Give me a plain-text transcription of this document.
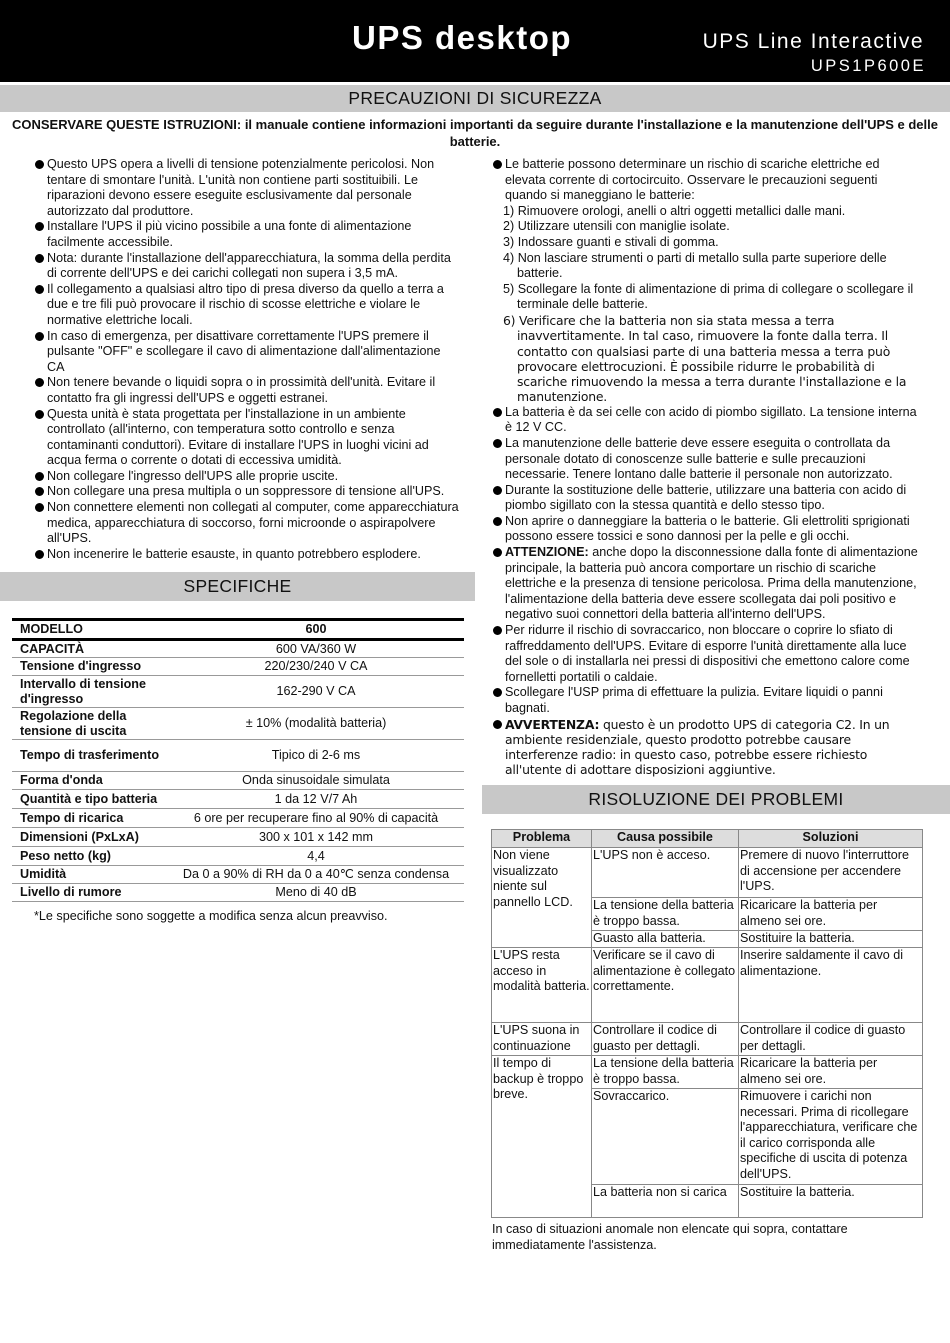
UPS desktop	UPS Line Interactive
UPS1P600E
PRECAUZIONI DI SICUREZZA
CONSERVARE QUESTE ISTRUZIONI: il manuale contiene informazioni importanti da seguire durante l'installazione e la manutenzione dell'UPS e delle batterie.
Questo UPS opera a livelli di tensione potenzialmente pericolosi. Non tentare di smontare l'unità. L'unità non contiene parti sostituibili. Le riparazioni devono essere eseguite esclusivamente dal personale autorizzato dal produttore.
Installare l'UPS il più vicino possibile a una fonte di alimentazione facilmente accessibile.
Nota: durante l'installazione dell'apparecchiatura, la somma della perdita di corrente dell'UPS e dei carichi collegati non supera i 3,5 mA.
Il collegamento a qualsiasi altro tipo di presa diverso da quello a terra a due e tre fili può provocare il rischio di scosse elettriche e violare le normative elettriche locali.
In caso di emergenza, per disattivare correttamente l'UPS premere il pulsante "OFF" e scollegare il cavo di alimentazione dall'alimentazione CA
Non tenere bevande o liquidi sopra o in prossimità dell'unità. Evitare il contatto fra gli ingressi dell'UPS e oggetti estranei.
Questa unità è stata progettata per l'installazione in un ambiente controllato (all'interno, con temperatura sotto controllo e senza contaminanti conduttori). Evitare di installare l'UPS in luoghi vicini ad acqua ferma o corrente o dotati di eccessiva umidità.
Non collegare l'ingresso dell'UPS alle proprie uscite.
Non collegare una presa multipla o un soppressore di tensione all'UPS.
Non connettere elementi non collegati al computer, come apparecchiatura medica, apparecchiatura di soccorso, forni microonde o aspirapolvere all'UPS.
Non incenerire le batterie esauste, in quanto potrebbero esplodere.
Le batterie possono determinare un rischio di scariche elettriche ed elevata corrente di cortocircuito. Osservare le precauzioni seguenti quando si maneggiano le batterie:
1) Rimuovere orologi, anelli o altri oggetti metallici dalle mani.
2) Utilizzare utensili con maniglie isolate.
3) Indossare guanti e stivali di gomma.
4) Non lasciare strumenti o parti di metallo sulla parte superiore delle batterie.
5) Scollegare la fonte di alimentazione di prima di collegare o scollegare il terminale delle batterie.
6) Verificare che la batteria non sia stata messa a terra inavvertitamente. In tal caso, rimuovere la fonte dalla terra. Il contatto con qualsiasi parte di una batteria messa a terra può provocare elettrocuzioni. È possibile ridurre le probabilità di scariche rimuovendo la messa a terra durante l'installazione e la manutenzione.
La batteria è da sei celle con acido di piombo sigillato. La tensione interna è 12 V CC.
La manutenzione delle batterie deve essere eseguita o controllata da personale dotato di conoscenze sulle batterie e sulle precauzioni necessarie. Tenere lontano dalle batterie il personale non autorizzato.
Durante la sostituzione delle batterie, utilizzare una batteria con acido di piombo sigillato con la stessa quantità e dello stesso tipo.
Non aprire o danneggiare la batteria o le batterie. Gli elettroliti sprigionati possono essere tossici e sono dannosi per la pelle e gli occhi.
ATTENZIONE: anche dopo la disconnessione dalla fonte di alimentazione principale, la batteria può ancora comportare un rischio di scariche elettriche e la presenza di tensione pericolosa. Prima della manutenzione, l'alimentazione della batteria deve essere scollegata dai poli positivo e negativo suoi connettori della batteria all'interno dell'UPS.
Per ridurre il rischio di sovraccarico, non bloccare o coprire lo sfiato di raffreddamento dell'UPS. Evitare di esporre l'unità direttamente alla luce del sole o di installarla nei pressi di dispositivi che emettono calore come fornelletti portatili o caldaie.
Scollegare l'USP prima di effettuare la pulizia. Evitare liquidi o panni bagnati.
AVVERTENZA: questo è un prodotto UPS di categoria C2. In un ambiente residenziale, questo prodotto potrebbe causare interferenze radio: in questo caso, potrebbe essere richiesto all'utente di adottare disposizioni aggiuntive.
SPECIFICHE
MODELLO	600
CAPACITÀ	600 VA/360 W
Tensione d'ingresso	220/230/240 V CA
Intervallo di tensione d'ingresso	162-290 V CA
Regolazione della tensione di uscita	± 10% (modalità batteria)
Tempo di trasferimento	Tipico di 2-6 ms
Forma d'onda	Onda sinusoidale simulata
Quantità e tipo batteria	1 da 12 V/7 Ah
Tempo di ricarica	6 ore per recuperare fino al 90% di capacità
Dimensioni (PxLxA)	300 x 101 x 142 mm
Peso netto (kg)	4,4
Umidità	Da 0 a 90% di RH da 0 a 40℃ senza condensa
Livello di rumore	Meno di 40 dB
*Le specifiche sono soggette a modifica senza alcun preavviso.
RISOLUZIONE DEI PROBLEMI
Problema	Causa possibile	Soluzioni
Non viene visualizzato niente sul pannello LCD.	L'UPS non è acceso.	Premere di nuovo l'interruttore di accensione per accendere l'UPS.
	La tensione della batteria è troppo bassa.	Ricaricare la batteria per almeno sei ore.
	Guasto alla batteria.	Sostituire la batteria.
L'UPS resta acceso in modalità batteria.	Verificare se il cavo di alimentazione è collegato correttamente.	Inserire saldamente il cavo di alimentazione.
L'UPS suona in continuazione	Controllare il codice di guasto per dettagli.	Controllare il codice di guasto per dettagli.
Il tempo di backup è troppo breve.	La tensione della batteria è troppo bassa.	Ricaricare la batteria per almeno sei ore.
	Sovraccarico.	Rimuovere i carichi non necessari. Prima di ricollegare l'apparecchiatura, verificare che il carico corrisponda alle specifiche di uscita di potenza dell'UPS.
	La batteria non si carica	Sostituire la batteria.
In caso di situazioni anomale non elencate qui sopra, contattare immediatamente l'assistenza.
